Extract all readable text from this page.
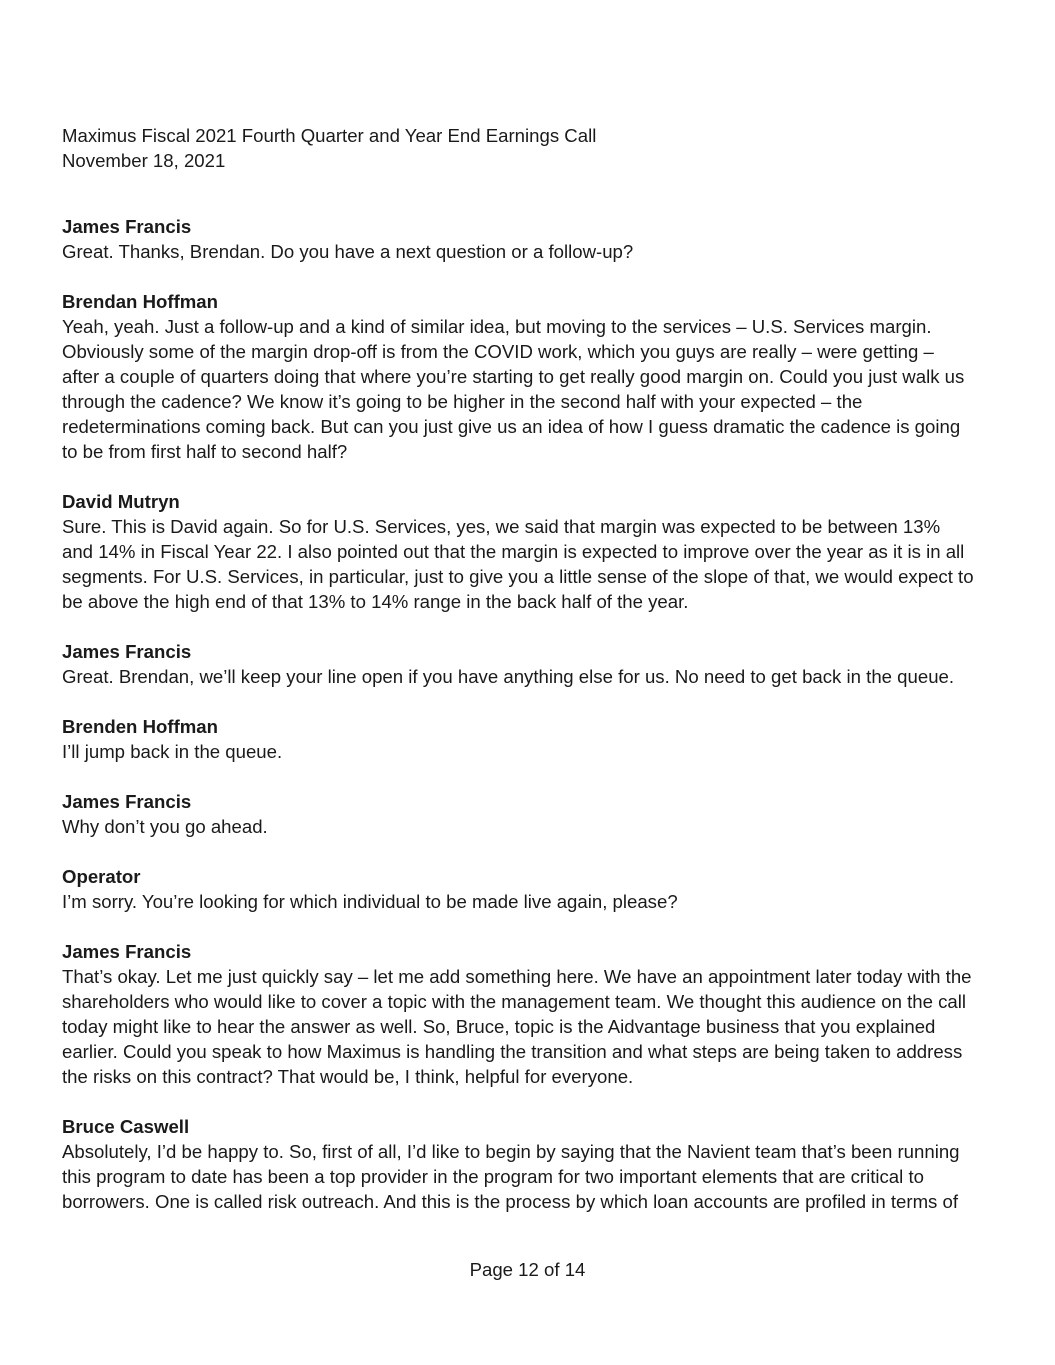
Maximus Fiscal 2021 Fourth Quarter and Year End Earnings Call
November 18, 2021
James Francis
Great. Thanks, Brendan. Do you have a next question or a follow-up?
Brendan Hoffman
Yeah, yeah. Just a follow-up and a kind of similar idea, but moving to the services – U.S. Services margin.
Obviously some of the margin drop-off is from the COVID work, which you guys are really – were getting –
after a couple of quarters doing that where you’re starting to get really good margin on. Could you just walk us
through the cadence? We know it’s going to be higher in the second half with your expected – the
redeterminations coming back. But can you just give us an idea of how I guess dramatic the cadence is going
to be from first half to second half?
David Mutryn
Sure. This is David again. So for U.S. Services, yes, we said that margin was expected to be between 13%
and 14% in Fiscal Year 22. I also pointed out that the margin is expected to improve over the year as it is in all
segments. For U.S. Services, in particular, just to give you a little sense of the slope of that, we would expect to
be above the high end of that 13% to 14% range in the back half of the year.
James Francis
Great. Brendan, we’ll keep your line open if you have anything else for us. No need to get back in the queue.
Brenden Hoffman
I’ll jump back in the queue.
James Francis
Why don’t you go ahead.
Operator
I’m sorry. You’re looking for which individual to be made live again, please?
James Francis
That’s okay. Let me just quickly say – let me add something here. We have an appointment later today with the
shareholders who would like to cover a topic with the management team. We thought this audience on the call
today might like to hear the answer as well. So, Bruce, topic is the Aidvantage business that you explained
earlier. Could you speak to how Maximus is handling the transition and what steps are being taken to address
the risks on this contract? That would be, I think, helpful for everyone.
Bruce Caswell
Absolutely, I’d be happy to. So, first of all, I’d like to begin by saying that the Navient team that’s been running
this program to date has been a top provider in the program for two important elements that are critical to
borrowers. One is called risk outreach. And this is the process by which loan accounts are profiled in terms of
Page 12 of 14
